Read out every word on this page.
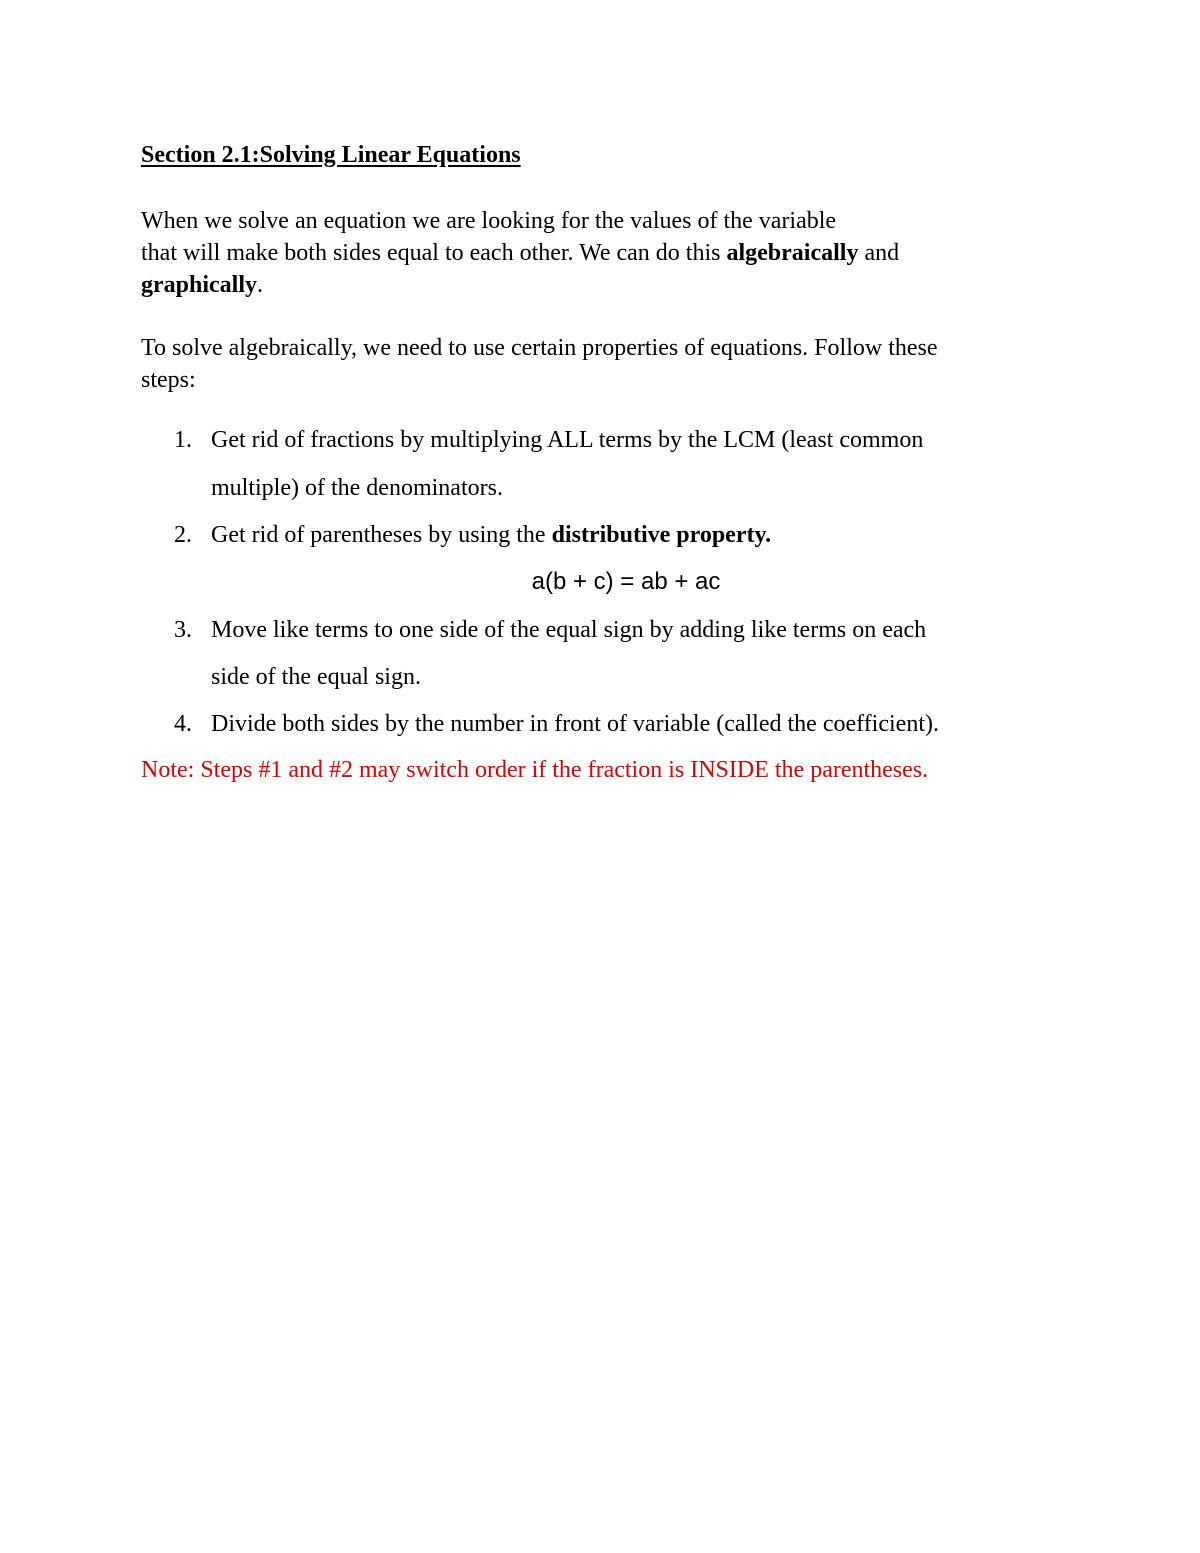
Section 2.1:Solving Linear Equations
When we solve an equation we are looking for the values of the variable
that will make both sides equal to each other. We can do this algebraically and
graphically.
To solve algebraically, we need to use certain properties of equations. Follow these
steps:
1. Get rid of fractions by multiplying ALL terms by the LCM (least common
multiple) of the denominators.
2. Get rid of parentheses by using the distributive property.
3. Move like terms to one side of the equal sign by adding like terms on each
side of the equal sign.
4. Divide both sides by the number in front of variable (called the coefficient).
a(b + c) = ab + ac
Note: Steps #1 and #2 may switch order if the fraction is INSIDE the parentheses.
